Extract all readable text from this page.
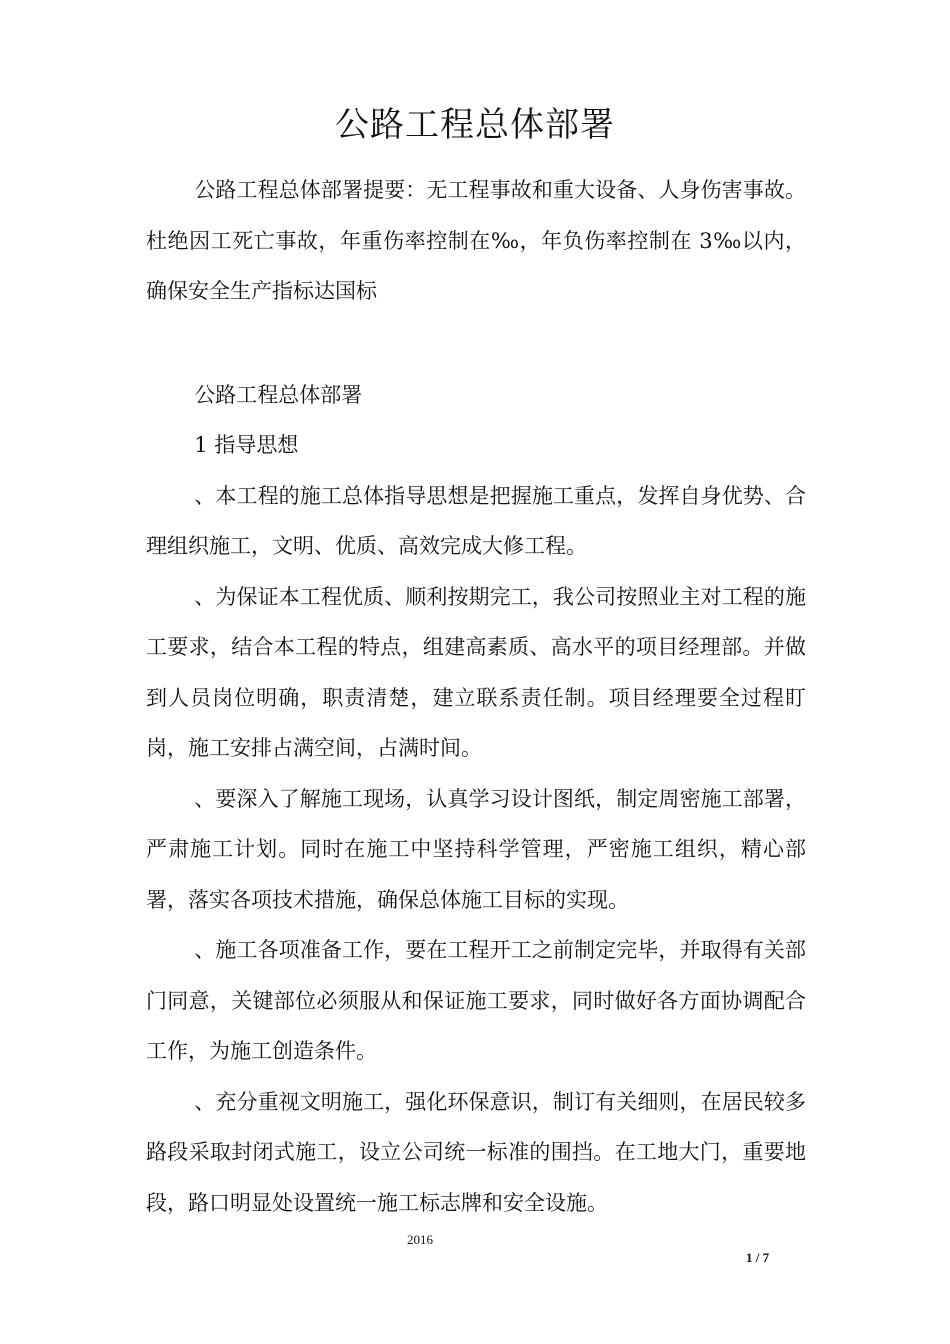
公路工程总体部署

公路工程总体部署提要：无工程事故和重大设备、人身伤害事故。杜绝因工死亡事故，年重伤率控制在‰，年负伤率控制在 3‰以内，确保安全生产指标达国标

公路工程总体部署

1 指导思想

、本工程的施工总体指导思想是把握施工重点，发挥自身优势、合理组织施工，文明、优质、高效完成大修工程。

、为保证本工程优质、顺利按期完工，我公司按照业主对工程的施工要求，结合本工程的特点，组建高素质、高水平的项目经理部。并做到人员岗位明确，职责清楚，建立联系责任制。项目经理要全过程盯岗，施工安排占满空间，占满时间。

、要深入了解施工现场，认真学习设计图纸，制定周密施工部署，严肃施工计划。同时在施工中坚持科学管理，严密施工组织，精心部署，落实各项技术措施，确保总体施工目标的实现。

、施工各项准备工作，要在工程开工之前制定完毕，并取得有关部门同意，关键部位必须服从和保证施工要求，同时做好各方面协调配合工作，为施工创造条件。

、充分重视文明施工，强化环保意识，制订有关细则，在居民较多路段采取封闭式施工，设立公司统一标准的围挡。在工地大门，重要地段，路口明显处设置统一施工标志牌和安全设施。

2016
1 / 7
